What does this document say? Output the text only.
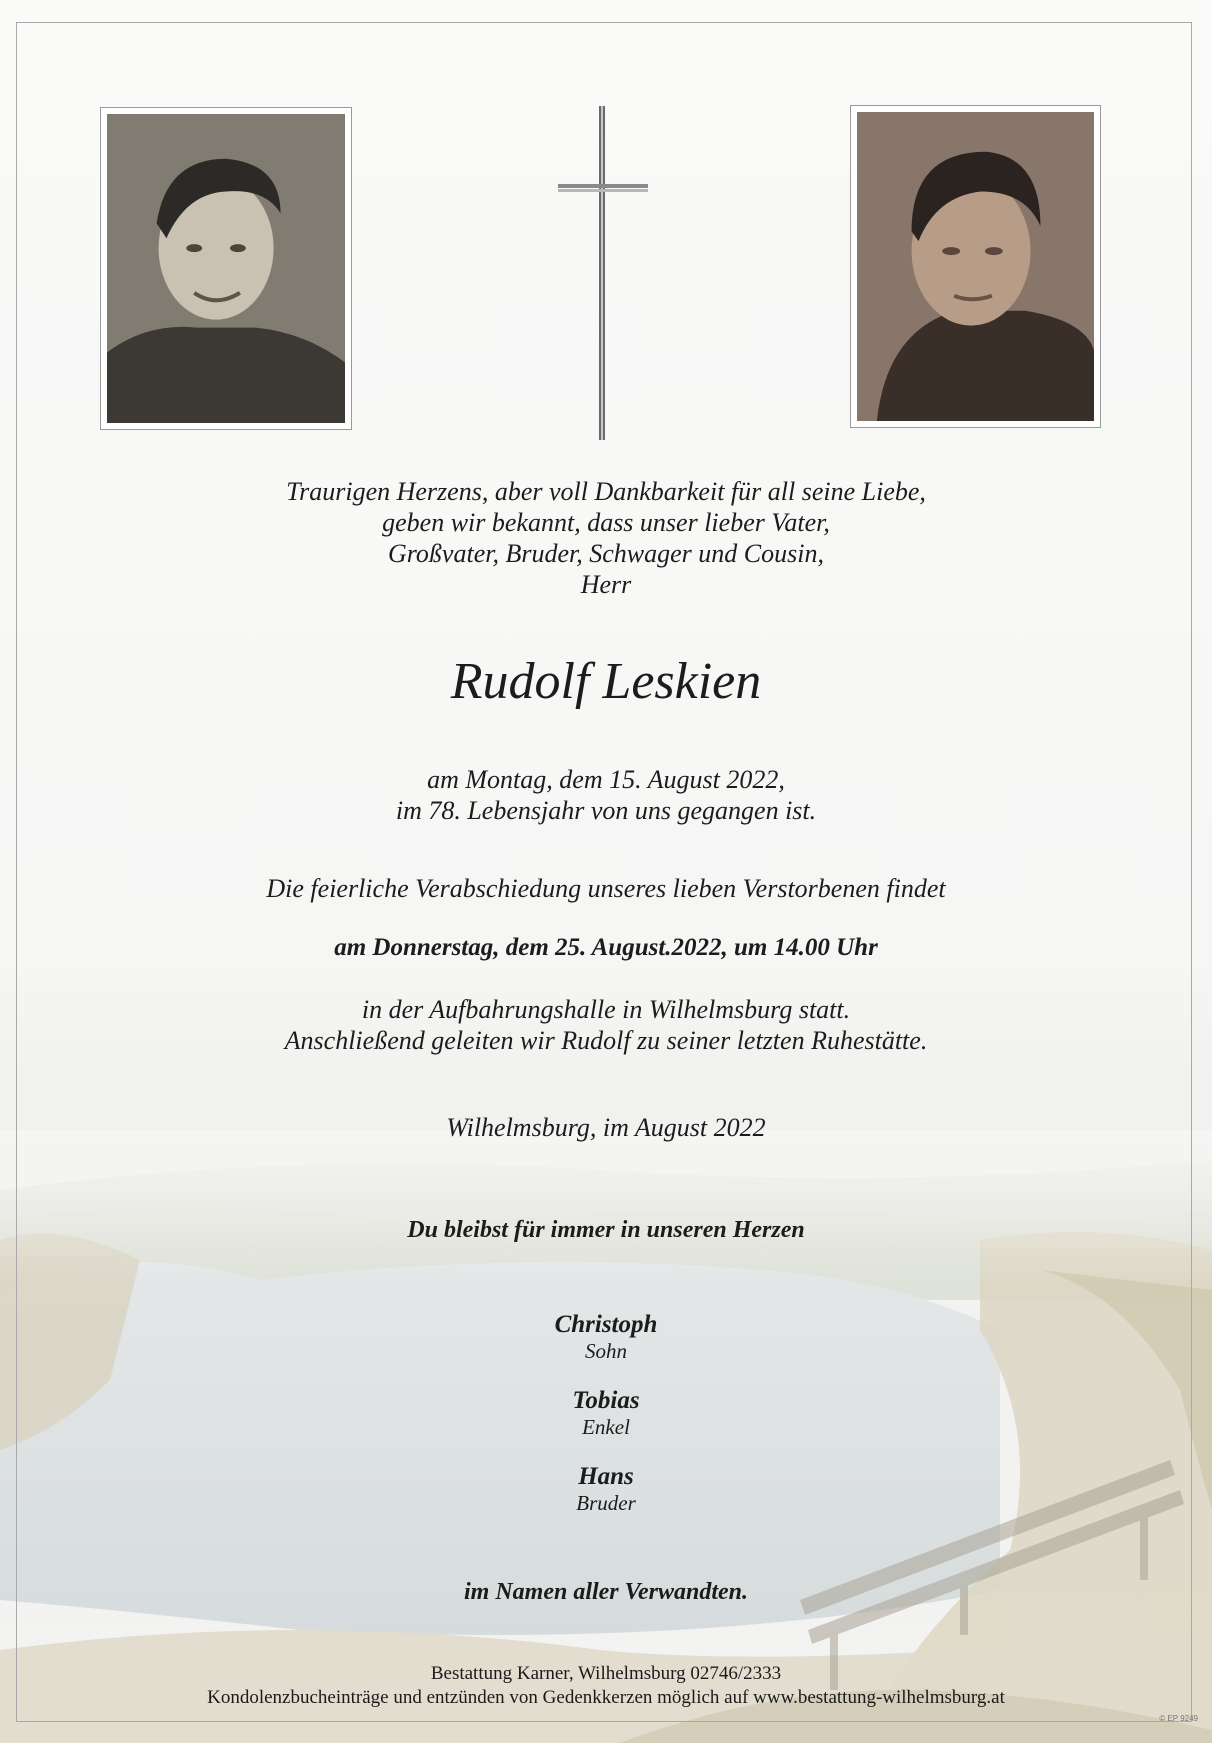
Traurigen Herzens, aber voll Dankbarkeit für all seine Liebe,
geben wir bekannt, dass unser lieber Vater,
Großvater, Bruder, Schwager und Cousin,
Herr
Rudolf Leskien
am Montag, dem 15. August 2022,
im 78. Lebensjahr von uns gegangen ist.
Die feierliche Verabschiedung unseres lieben Verstorbenen findet
am Donnerstag, dem 25. August.2022, um 14.00 Uhr
in der Aufbahrungshalle in Wilhelmsburg statt.
Anschließend geleiten wir Rudolf zu seiner letzten Ruhestätte.
Wilhelmsburg, im August 2022
Du bleibst für immer in unseren Herzen
Christoph
Sohn
Tobias
Enkel
Hans
Bruder
im Namen aller Verwandten.
Bestattung Karner, Wilhelmsburg 02746/2333
Kondolenzbucheinträge und entzünden von Gedenkkerzen möglich auf www.bestattung-wilhelmsburg.at
© EP 9249
